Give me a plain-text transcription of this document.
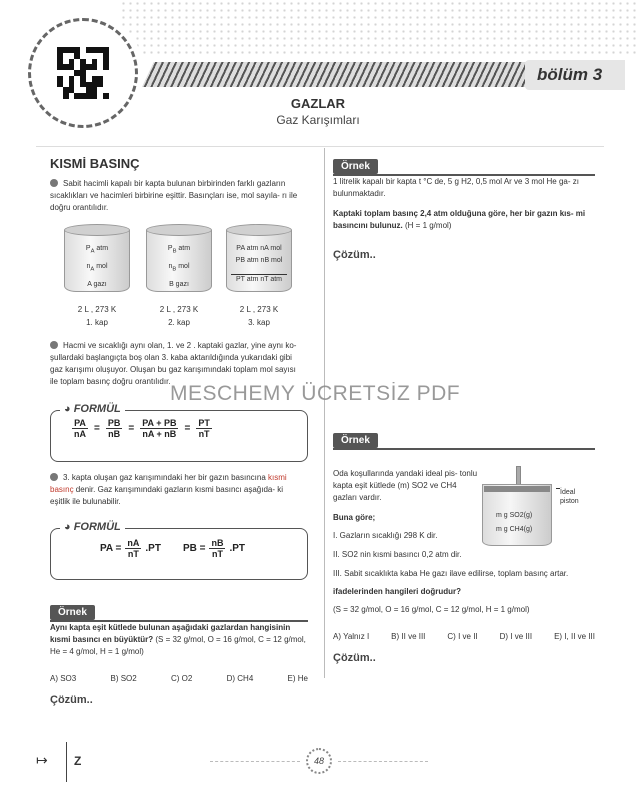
bölüm 3
GAZLAR
Gaz Karışımları
KISMİ BASINÇ
Sabit hacimli kapalı bir kapta bulunan birbirinden farklı gazların sıcaklıkları ve hacimleri birbirine eşittir. Basınçları ise, mol sayıla- rı ile doğru orantılıdır.
$P_A$ atm
$n_A$ mol
A gazı
2 L , 273 K
1. kap
$P_B$ atm
$n_B$ mol
B gazı
2 L , 273 K
2. kap
PA atm nA mol
PB atm nB mol
PT atm nT atm
2 L , 273 K
3. kap
Hacmi ve sıcaklığı aynı olan, 1. ve 2 . kaptaki gazlar, yine aynı ko- şullardaki başlangıçta boş olan 3. kaba aktarıldığında yukarıdaki gibi gaz karışımı oluşuyor. Oluşan bu gaz karışımındaki toplam mol sayısı ile toplam basınç doğru orantılıdır.
◕ FORMÜL
$\frac{PA}{nA} = \frac{PB}{nB} = \frac{PA + PB}{nA + nB} = \frac{PT}{nT}$
3. kapta oluşan gaz karışımındaki her bir gazın basıncına kısmi basınç denir. Gaz karışımındaki gazların kısmi basıncı aşağıda- ki eşitlik ile bulunabilir.
◕ FORMÜL
PA = $\frac{nA}{nT} .PT$ PB = $\frac{nB}{nT} .PT$
Örnek
Aynı kapta eşit kütlede bulunan aşağıdaki gazlardan hangisinin kısmi basıncı en büyüktür? (S = 32 g/mol, O = 16 g/mol, C = 12 g/mol, He = 4 g/mol, H = 1 g/mol)
A) SO3	B) SO2	C) O2	D) CH4	E) He
Çözüm..
Örnek
1 litrelik kapalı bir kapta t °C de, 5 g H2, 0,5 mol Ar ve 3 mol He ga- zı bulunmaktadır.
Kaptaki toplam basınç 2,4 atm olduğuna göre, her bir gazın kıs- mi basıncını bulunuz. (H = 1 g/mol)
Çözüm..
MESCHEMY ÜCRETSİZ PDF
Örnek
Oda koşullarında yandaki ideal pis- tonlu kapta eşit kütlede (m) SO2 ve CH4 gazları vardır.
m g SO2(g)
m g CH4(g)
İdeal piston
Buna göre;
I. Gazların sıcaklığı 298 K dir.
II. SO2 nin kısmi basıncı 0,2 atm dir.
III. Sabit sıcaklıkta kaba He gazı ilave edilirse, toplam basınç artar.
ifadelerinden hangileri doğrudur?
(S = 32 g/mol, O = 16 g/mol, C = 12 g/mol, H = 1 g/mol)
A) Yalnız I	B) II ve III	C) I ve II	D) I ve III	E) I, II ve III
Çözüm..
↦ Z	48
